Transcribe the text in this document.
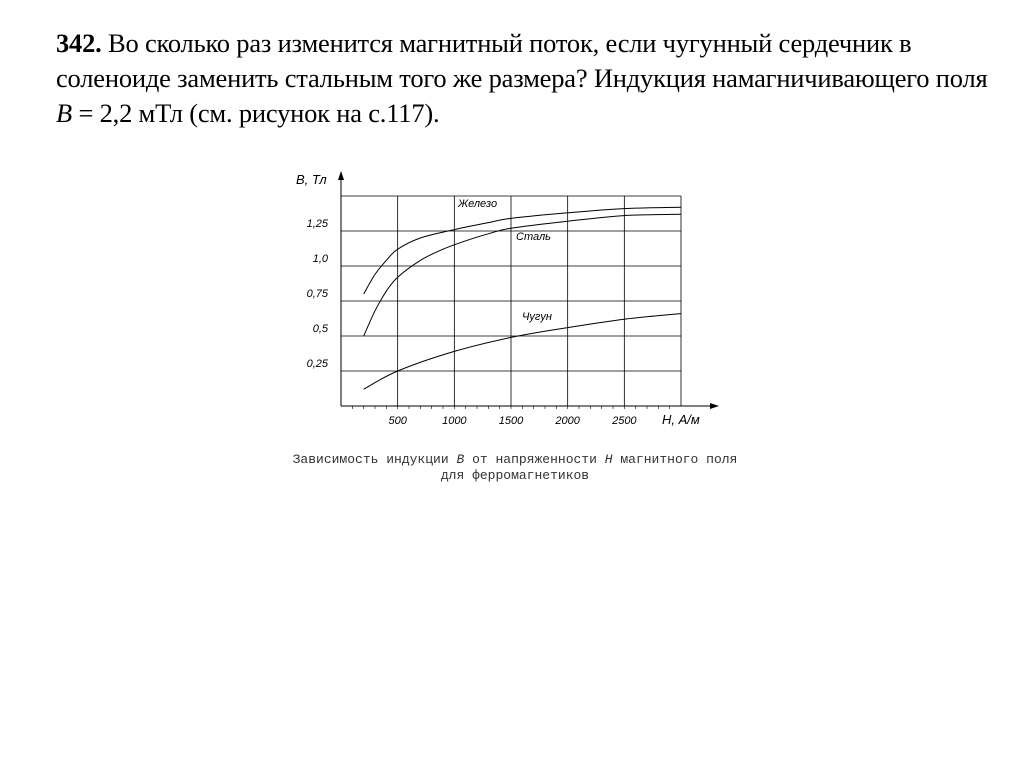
342. Во сколько раз изменится магнитный поток, если чугунный сердечник в соленоиде заменить стальным того же размера? Индукция намагничивающего поля B = 2,2 мТл (см. рисунок на с.117).
500	1000	1500	2000	2500
0,25
0,5
0,75
1,0
1,25
B, Тл
H, А/м
Железо
Сталь
Чугун
Зависимость индукции B от напряженности H магнитного поля
для ферромагнетиков
